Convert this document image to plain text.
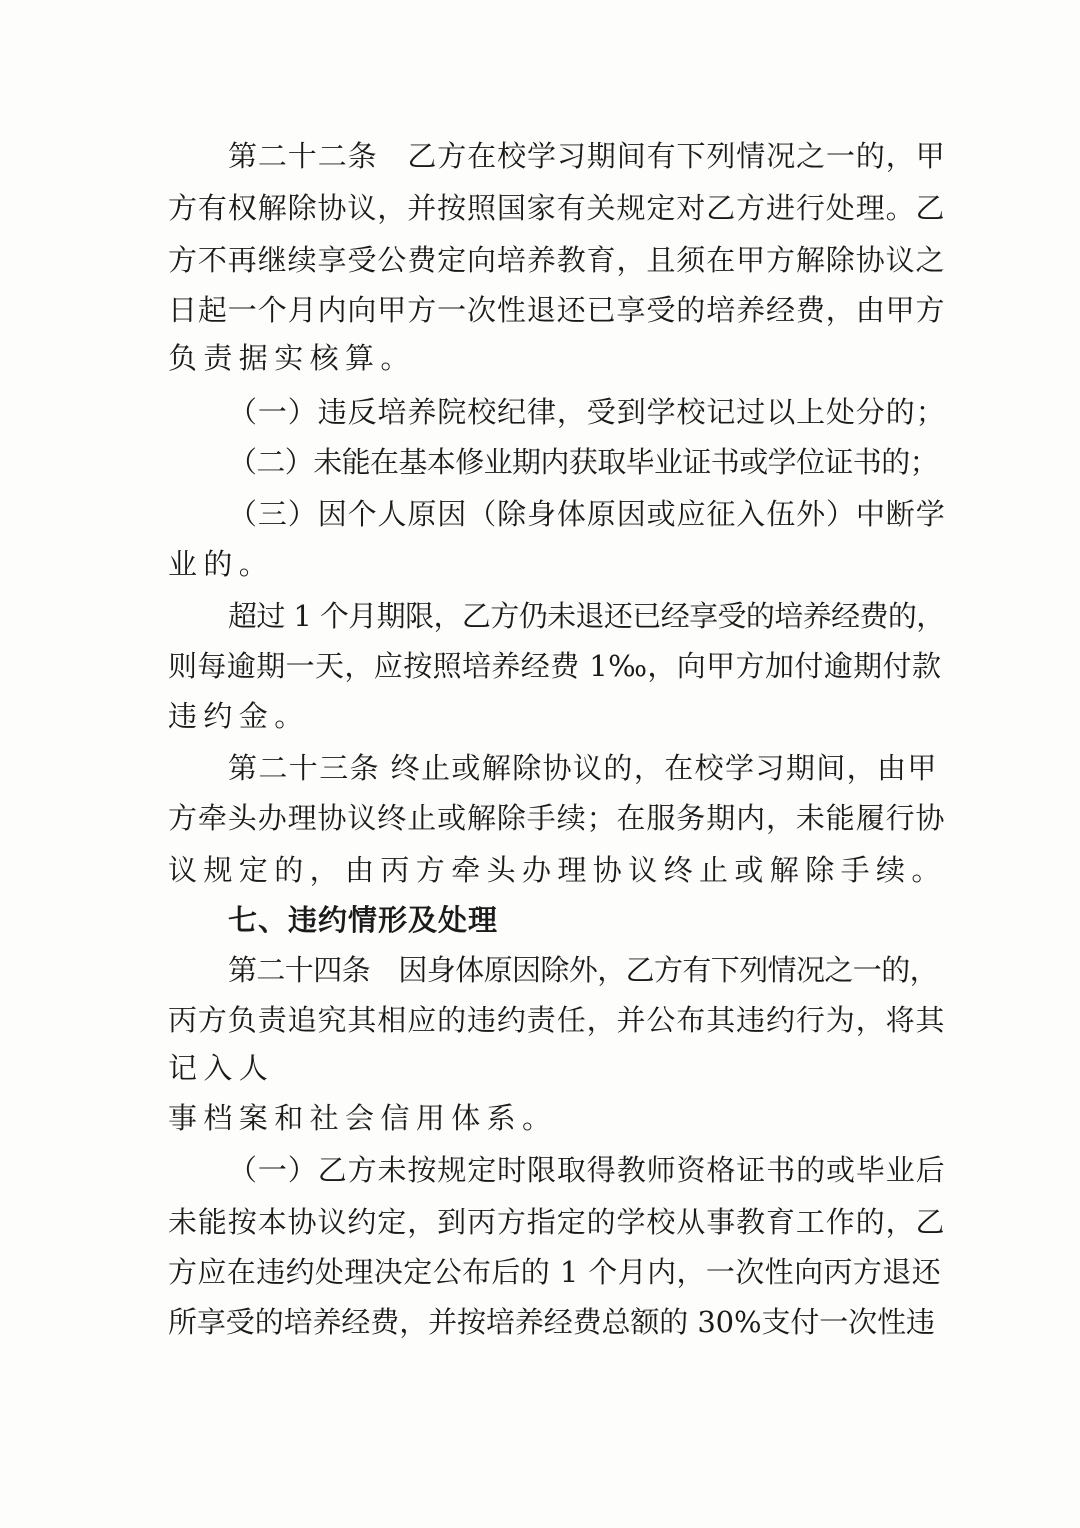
第二十二条　乙方在校学习期间有下列情况之一的，甲
方有权解除协议，并按照国家有关规定对乙方进行处理。乙
方不再继续享受公费定向培养教育，且须在甲方解除协议之
日起一个月内向甲方一次性退还已享受的培养经费，由甲方
负责据实核算。
（一）违反培养院校纪律，受到学校记过以上处分的；
（二）未能在基本修业期内获取毕业证书或学位证书的；
（三）因个人原因（除身体原因或应征入伍外）中断学
业的。
超过 1 个月期限，乙方仍未退还已经享受的培养经费的，
则每逾期一天，应按照培养经费 1‰，向甲方加付逾期付款
违约金。
第二十三条 终止或解除协议的，在校学习期间，由甲
方牵头办理协议终止或解除手续；在服务期内，未能履行协
议规定的，由丙方牵头办理协议终止或解除手续。
七、违约情形及处理
第二十四条　因身体原因除外，乙方有下列情况之一的，
丙方负责追究其相应的违约责任，并公布其违约行为，将其
记入人
事档案和社会信用体系。
（一）乙方未按规定时限取得教师资格证书的或毕业后
未能按本协议约定，到丙方指定的学校从事教育工作的，乙
方应在违约处理决定公布后的 1 个月内，一次性向丙方退还
所享受的培养经费，并按培养经费总额的 30%支付一次性违
